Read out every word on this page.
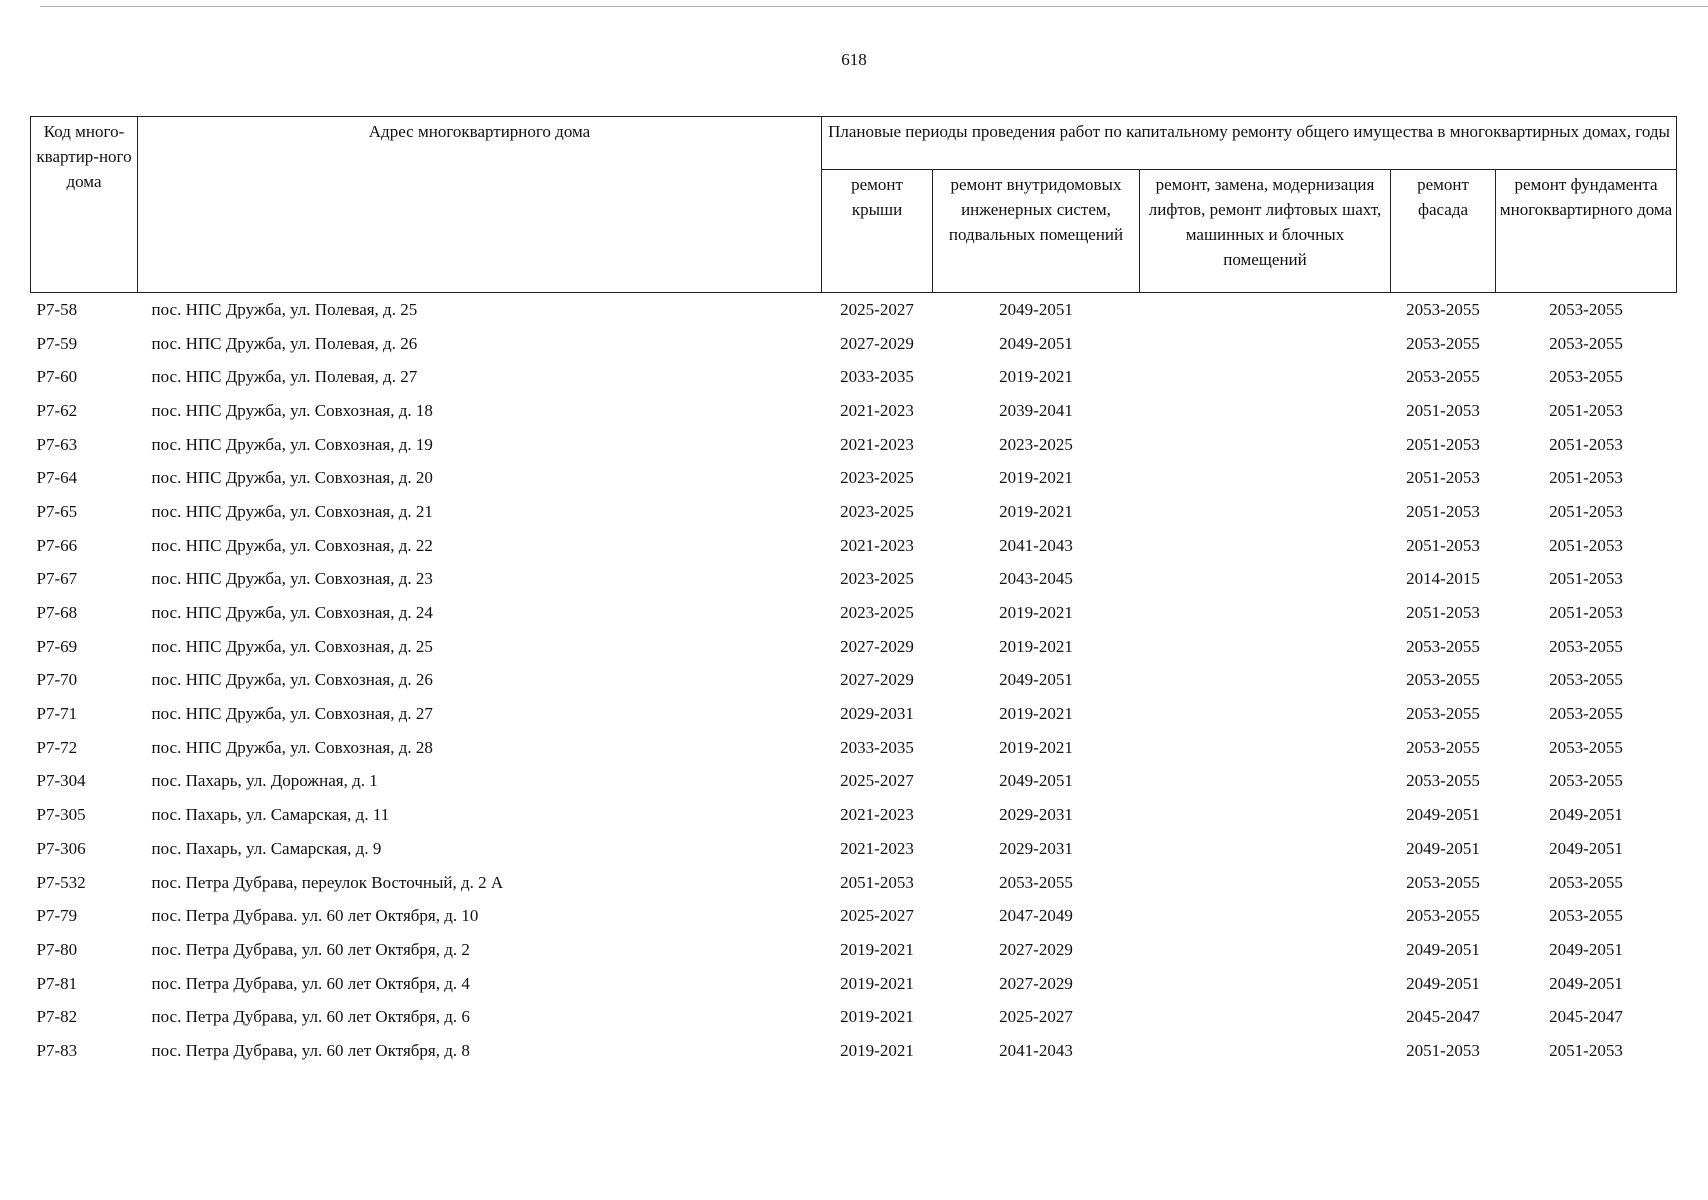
618
Код много-квартир-ного дома	Адрес многоквартирного дома	Плановые периоды проведения работ по капитальному ремонту общего имущества в многоквартирных домах, годы				
		ремонт крыши	ремонт внутридомовых инженерных систем, подвальных помещений	ремонт, замена, модернизация лифтов, ремонт лифтовых шахт, машинных и блочных помещений	ремонт фасада	ремонт фундамента многоквартирного дома
Р7-58	пос. НПС Дружба, ул. Полевая, д. 25	2025-2027	2049-2051		2053-2055	2053-2055
Р7-59	пос. НПС Дружба, ул. Полевая, д. 26	2027-2029	2049-2051		2053-2055	2053-2055
Р7-60	пос. НПС Дружба, ул. Полевая, д. 27	2033-2035	2019-2021		2053-2055	2053-2055
Р7-62	пос. НПС Дружба, ул. Совхозная, д. 18	2021-2023	2039-2041		2051-2053	2051-2053
Р7-63	пос. НПС Дружба, ул. Совхозная, д. 19	2021-2023	2023-2025		2051-2053	2051-2053
Р7-64	пос. НПС Дружба, ул. Совхозная, д. 20	2023-2025	2019-2021		2051-2053	2051-2053
Р7-65	пос. НПС Дружба, ул. Совхозная, д. 21	2023-2025	2019-2021		2051-2053	2051-2053
Р7-66	пос. НПС Дружба, ул. Совхозная, д. 22	2021-2023	2041-2043		2051-2053	2051-2053
Р7-67	пос. НПС Дружба, ул. Совхозная, д. 23	2023-2025	2043-2045		2014-2015	2051-2053
Р7-68	пос. НПС Дружба, ул. Совхозная, д. 24	2023-2025	2019-2021		2051-2053	2051-2053
Р7-69	пос. НПС Дружба, ул. Совхозная, д. 25	2027-2029	2019-2021		2053-2055	2053-2055
Р7-70	пос. НПС Дружба, ул. Совхозная, д. 26	2027-2029	2049-2051		2053-2055	2053-2055
Р7-71	пос. НПС Дружба, ул. Совхозная, д. 27	2029-2031	2019-2021		2053-2055	2053-2055
Р7-72	пос. НПС Дружба, ул. Совхозная, д. 28	2033-2035	2019-2021		2053-2055	2053-2055
Р7-304	пос. Пахарь, ул. Дорожная, д. 1	2025-2027	2049-2051		2053-2055	2053-2055
Р7-305	пос. Пахарь, ул. Самарская, д. 11	2021-2023	2029-2031		2049-2051	2049-2051
Р7-306	пос. Пахарь, ул. Самарская, д. 9	2021-2023	2029-2031		2049-2051	2049-2051
Р7-532	пос. Петра Дубрава, переулок Восточный, д. 2 А	2051-2053	2053-2055		2053-2055	2053-2055
Р7-79	пос. Петра Дубрава. ул. 60 лет Октября, д. 10	2025-2027	2047-2049		2053-2055	2053-2055
Р7-80	пос. Петра Дубрава, ул. 60 лет Октября, д. 2	2019-2021	2027-2029		2049-2051	2049-2051
Р7-81	пос. Петра Дубрава, ул. 60 лет Октября, д. 4	2019-2021	2027-2029		2049-2051	2049-2051
Р7-82	пос. Петра Дубрава, ул. 60 лет Октября, д. 6	2019-2021	2025-2027		2045-2047	2045-2047
Р7-83	пос. Петра Дубрава, ул. 60 лет Октября, д. 8	2019-2021	2041-2043		2051-2053	2051-2053
